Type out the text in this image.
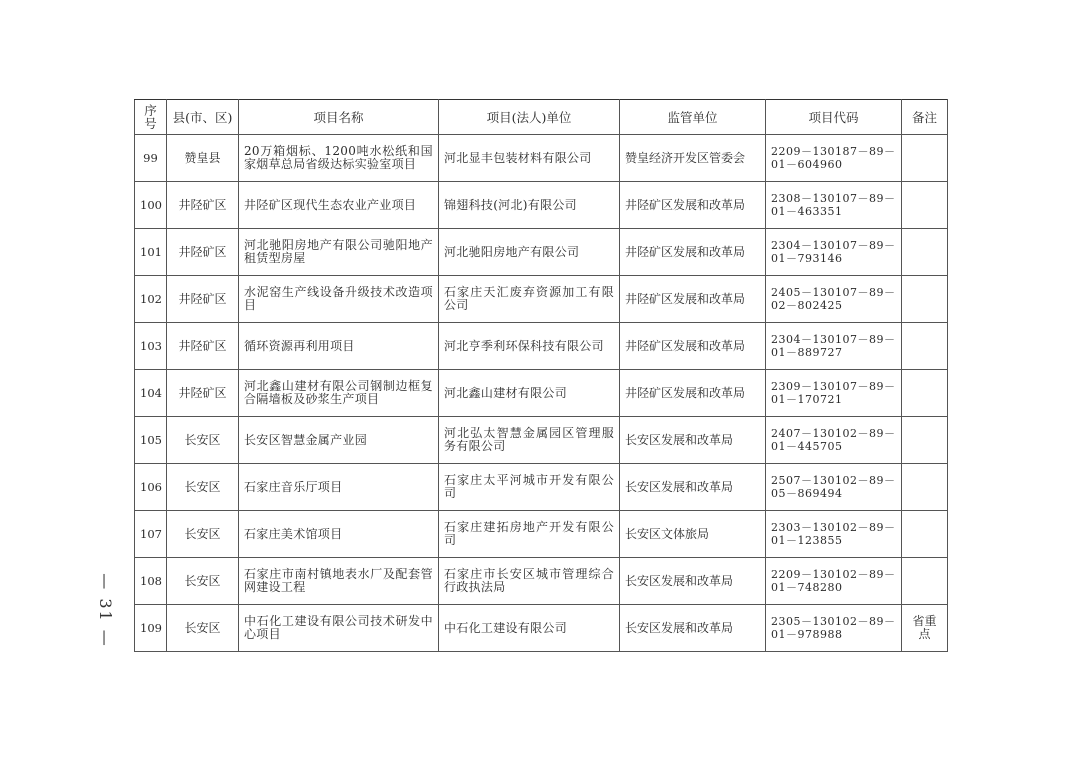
— 31 —
序号	县(市、区)	项目名称	项目(法人)单位	监管单位	项目代码	备注
99	赞皇县	20万箱烟标、1200吨水松纸和国家烟草总局省级达标实验室项目	河北显丰包装材料有限公司	赞皇经济开发区管委会	2209－130187－89－01－604960	
100	井陉矿区	井陉矿区现代生态农业产业项目	锦翅科技(河北)有限公司	井陉矿区发展和改革局	2308－130107－89－01－463351	
101	井陉矿区	河北驰阳房地产有限公司驰阳地产租赁型房屋	河北驰阳房地产有限公司	井陉矿区发展和改革局	2304－130107－89－01－793146	
102	井陉矿区	水泥窑生产线设备升级技术改造项目	石家庄天汇废弃资源加工有限公司	井陉矿区发展和改革局	2405－130107－89－02－802425	
103	井陉矿区	循环资源再利用项目	河北亨季利环保科技有限公司	井陉矿区发展和改革局	2304－130107－89－01－889727	
104	井陉矿区	河北鑫山建材有限公司钢制边框复合隔墙板及砂浆生产项目	河北鑫山建材有限公司	井陉矿区发展和改革局	2309－130107－89－01－170721	
105	长安区	长安区智慧金属产业园	河北弘太智慧金属园区管理服务有限公司	长安区发展和改革局	2407－130102－89－01－445705	
106	长安区	石家庄音乐厅项目	石家庄太平河城市开发有限公司	长安区发展和改革局	2507－130102－89－05－869494	
107	长安区	石家庄美术馆项目	石家庄建拓房地产开发有限公司	长安区文体旅局	2303－130102－89－01－123855	
108	长安区	石家庄市南村镇地表水厂及配套管网建设工程	石家庄市长安区城市管理综合行政执法局	长安区发展和改革局	2209－130102－89－01－748280	
109	长安区	中石化工建设有限公司技术研发中心项目	中石化工建设有限公司	长安区发展和改革局	2305－130102－89－01－978988	省重点
